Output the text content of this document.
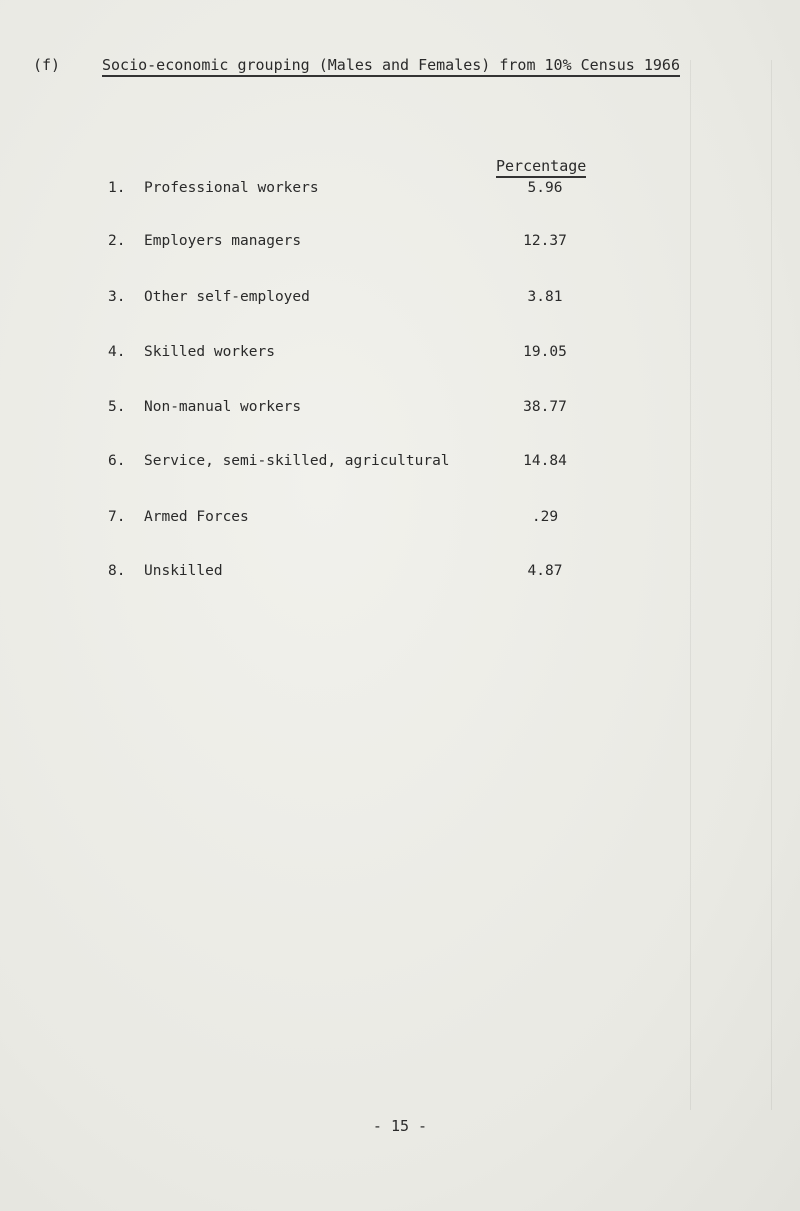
(f)	Socio-economic grouping (Males and Females) from 10% Census 1966
Percentage
1. Professional workers	5.96
2. Employers managers	12.37
3. Other self-employed	3.81
4. Skilled workers	19.05
5. Non-manual workers	38.77
6. Service, semi-skilled, agricultural	14.84
7. Armed Forces	.29
8. Unskilled	4.87
- 15 -
